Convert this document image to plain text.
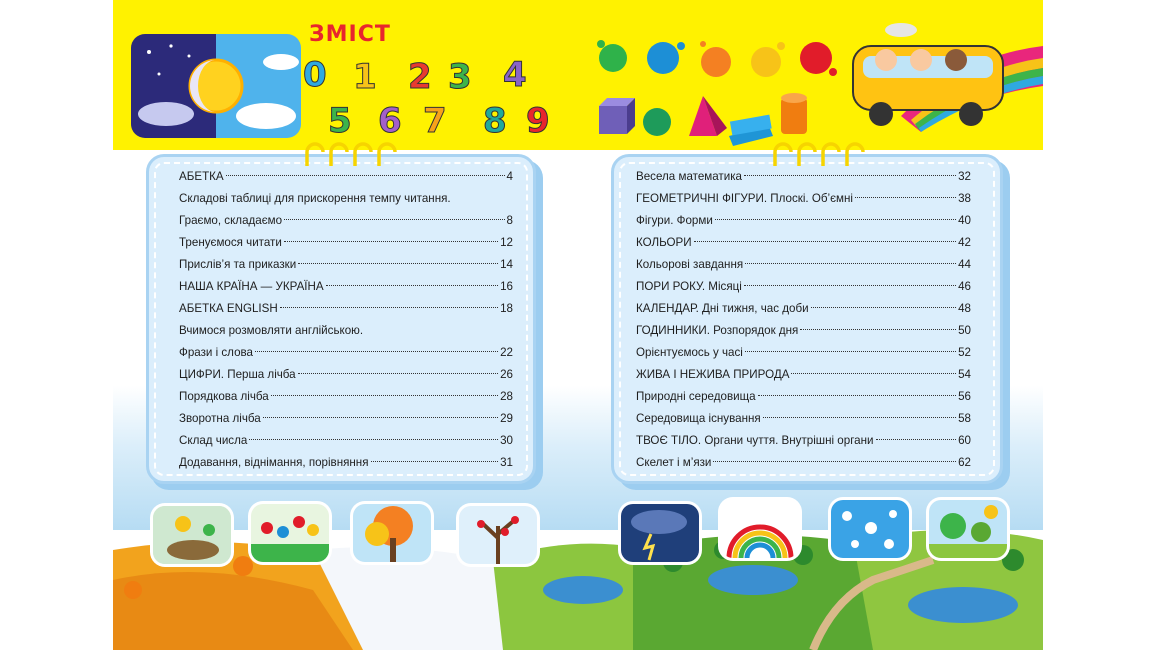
ЗМІСТ
0 1 2 3 4
5 6 7 8 9
АБЕТКА	4
Складові таблиці для прискорення темпу читання.
Граємо, складаємо	8
Тренуємося читати	12
Прислів’я та приказки	14
НАША КРАЇНА — УКРАЇНА	16
АБЕТКА ENGLISH	18
Вчимося розмовляти англійською.
Фрази і слова	22
ЦИФРИ. Перша лічба	26
Порядкова лічба	28
Зворотна лічба	29
Склад числа	30
Додавання, віднімання, порівняння	31
Весела математика	32
ГЕОМЕТРИЧНІ ФІГУРИ. Плоскі. Об’ємні	38
Фігури. Форми	40
КОЛЬОРИ	42
Кольорові завдання	44
ПОРИ РОКУ. Місяці	46
КАЛЕНДАР. Дні тижня, час доби	48
ГОДИННИКИ. Розпорядок дня	50
Орієнтуємось у часі	52
ЖИВА І НЕЖИВА ПРИРОДА	54
Природні середовища	56
Середовища існування	58
ТВОЄ ТІЛО. Органи чуття. Внутрішні органи	60
Скелет і м’язи	62
